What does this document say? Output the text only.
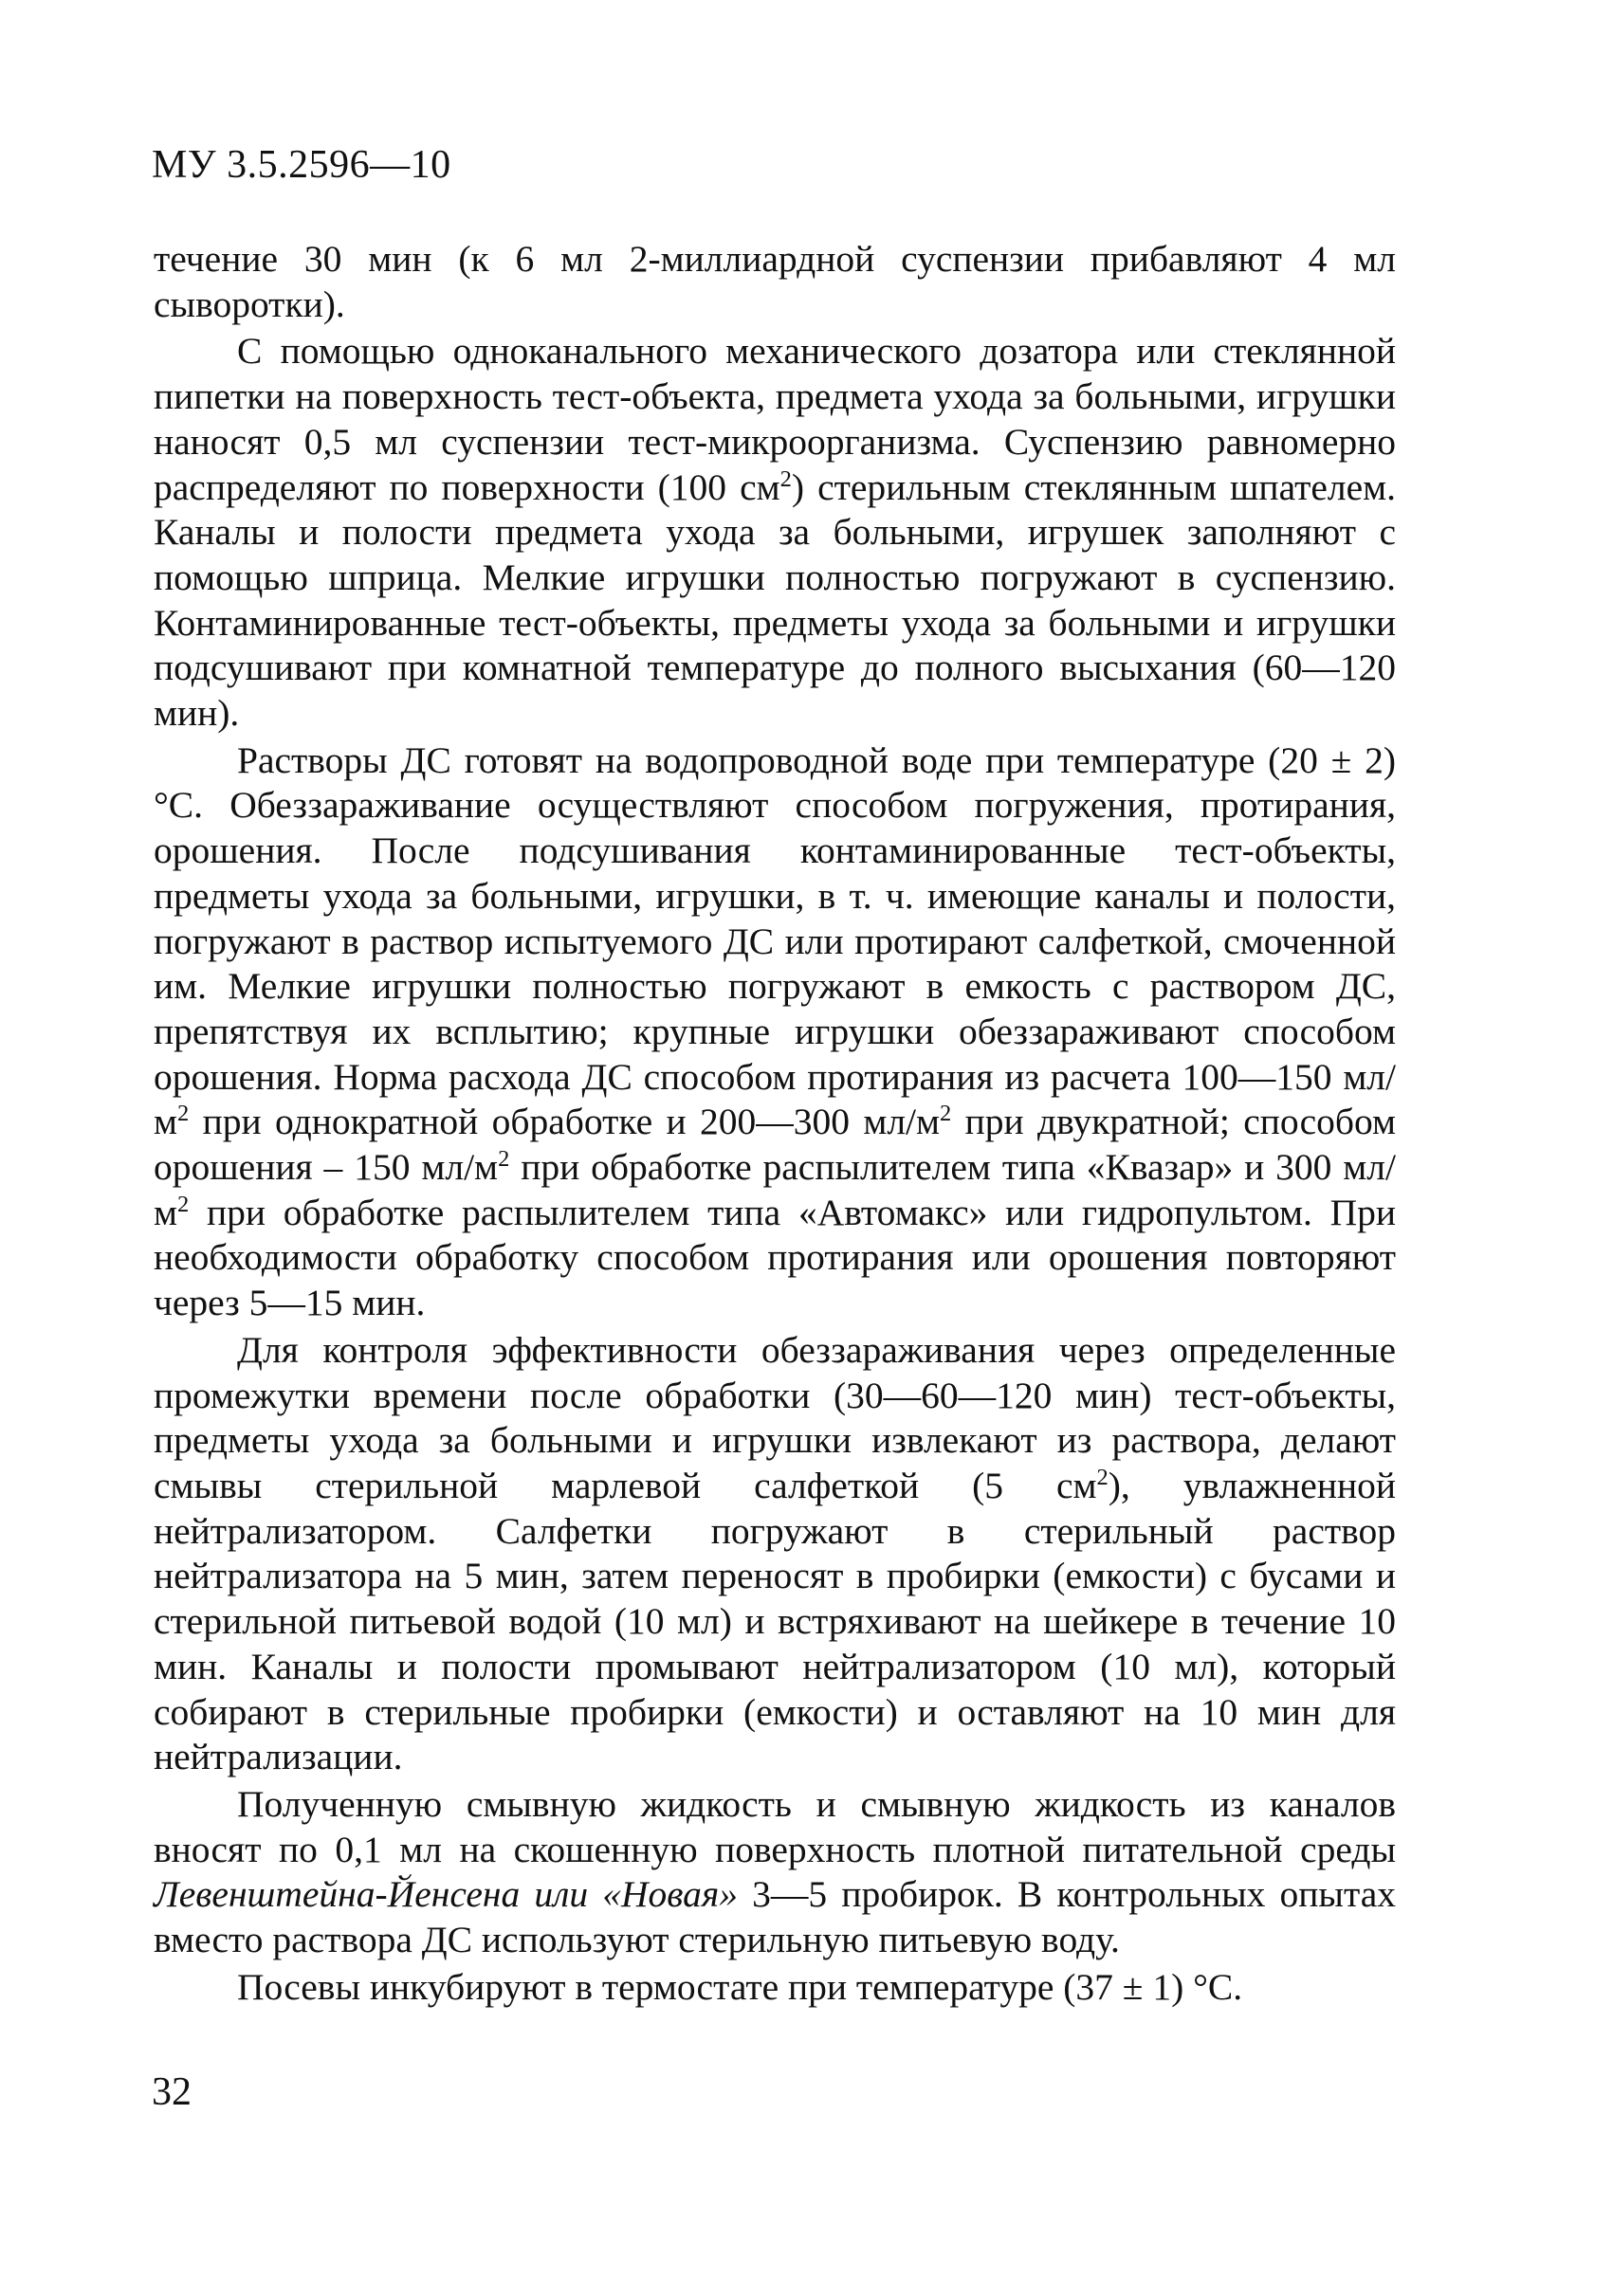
МУ 3.5.2596—10

течение 30 мин (к 6 мл 2-миллиардной суспензии прибавляют 4 мл сыворотки).

С помощью одноканального механического дозатора или стеклянной пипетки на поверхность тест-объекта, предмета ухода за больными, игрушки наносят 0,5 мл суспензии тест-микроорганизма. Суспензию равномерно распределяют по поверхности (100 $см^2$) стерильным стеклянным шпателем. Каналы и полости предмета ухода за больными, игрушек заполняют с помощью шприца. Мелкие игрушки полностью погружают в суспензию. Контаминированные тест-объекты, предметы ухода за больными и игрушки подсушивают при комнатной температуре до полного высыхания (60—120 мин).

Растворы ДС готовят на водопроводной воде при температуре (20 ± 2) °С. Обеззараживание осуществляют способом погружения, протирания, орошения. После подсушивания контаминированные тест-объекты, предметы ухода за больными, игрушки, в т. ч. имеющие каналы и полости, погружают в раствор испытуемого ДС или протирают салфеткой, смоченной им. Мелкие игрушки полностью погружают в емкость с раствором ДС, препятствуя их всплытию; крупные игрушки обеззараживают способом орошения. Норма расхода ДС способом протирания из расчета 100—150 $мл/м^2$ при однократной обработке и 200—300 $мл/м^2$ при двукратной; способом орошения – 150 $мл/м^2$ при обработке распылителем типа «Квазар» и 300 $мл/м^2$ при обработке распылителем типа «Автомакс» или гидропультом. При необходимости обработку способом протирания или орошения повторяют через 5—15 мин.

Для контроля эффективности обеззараживания через определенные промежутки времени после обработки (30—60—120 мин) тест-объекты, предметы ухода за больными и игрушки извлекают из раствора, делают смывы стерильной марлевой салфеткой (5 $см^2$), увлажненной нейтрализатором. Салфетки погружают в стерильный раствор нейтрализатора на 5 мин, затем переносят в пробирки (емкости) с бусами и стерильной питьевой водой (10 мл) и встряхивают на шейкере в течение 10 мин. Каналы и полости промывают нейтрализатором (10 мл), который собирают в стерильные пробирки (емкости) и оставляют на 10 мин для нейтрализации.

Полученную смывную жидкость и смывную жидкость из каналов вносят по 0,1 мл на скошенную поверхность плотной питательной среды Левенштейна-Йенсена или «Новая» 3—5 пробирок. В контрольных опытах вместо раствора ДС используют стерильную питьевую воду.

Посевы инкубируют в термостате при температуре (37 ± 1) °С.

32
